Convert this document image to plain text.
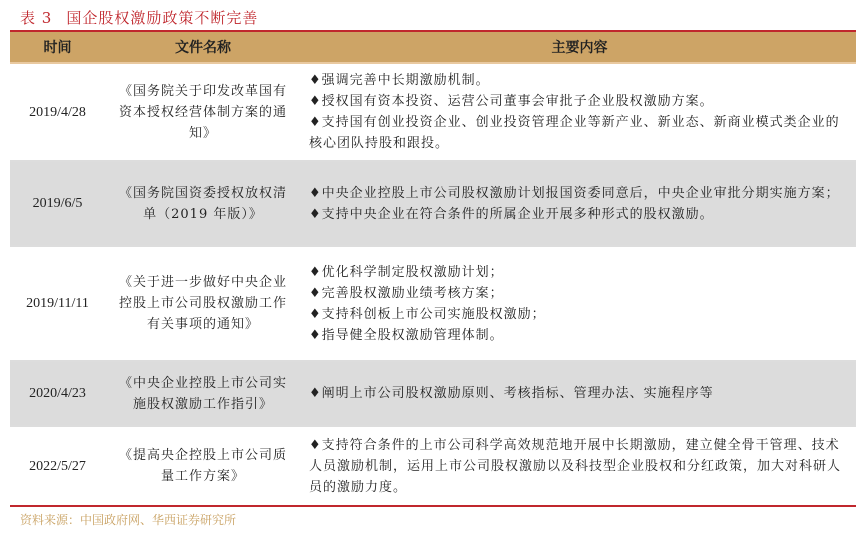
表 3 国企股权激励政策不断完善
时间	文件名称	主要内容
2019/4/28
《国务院关于印发改革国有资本授权经营体制方案的通知》
♦强调完善中长期激励机制。
♦授权国有资本投资、运营公司董事会审批子企业股权激励方案。
♦支持国有创业投资企业、创业投资管理企业等新产业、新业态、新商业模式类企业的核心团队持股和跟投。
2019/6/5
《国务院国资委授权放权清单（2019 年版）》
♦中央企业控股上市公司股权激励计划报国资委同意后，中央企业审批分期实施方案；
♦支持中央企业在符合条件的所属企业开展多种形式的股权激励。
2019/11/11
《关于进一步做好中央企业控股上市公司股权激励工作有关事项的通知》
♦优化科学制定股权激励计划；
♦完善股权激励业绩考核方案；
♦支持科创板上市公司实施股权激励；
♦指导健全股权激励管理体制。
2020/4/23
《中央企业控股上市公司实施股权激励工作指引》
♦阐明上市公司股权激励原则、考核指标、管理办法、实施程序等
2022/5/27
《提高央企控股上市公司质量工作方案》
♦支持符合条件的上市公司科学高效规范地开展中长期激励，建立健全骨干管理、技术人员激励机制，运用上市公司股权激励以及科技型企业股权和分红政策，加大对科研人员的激励力度。
资料来源：中国政府网、华西证券研究所
